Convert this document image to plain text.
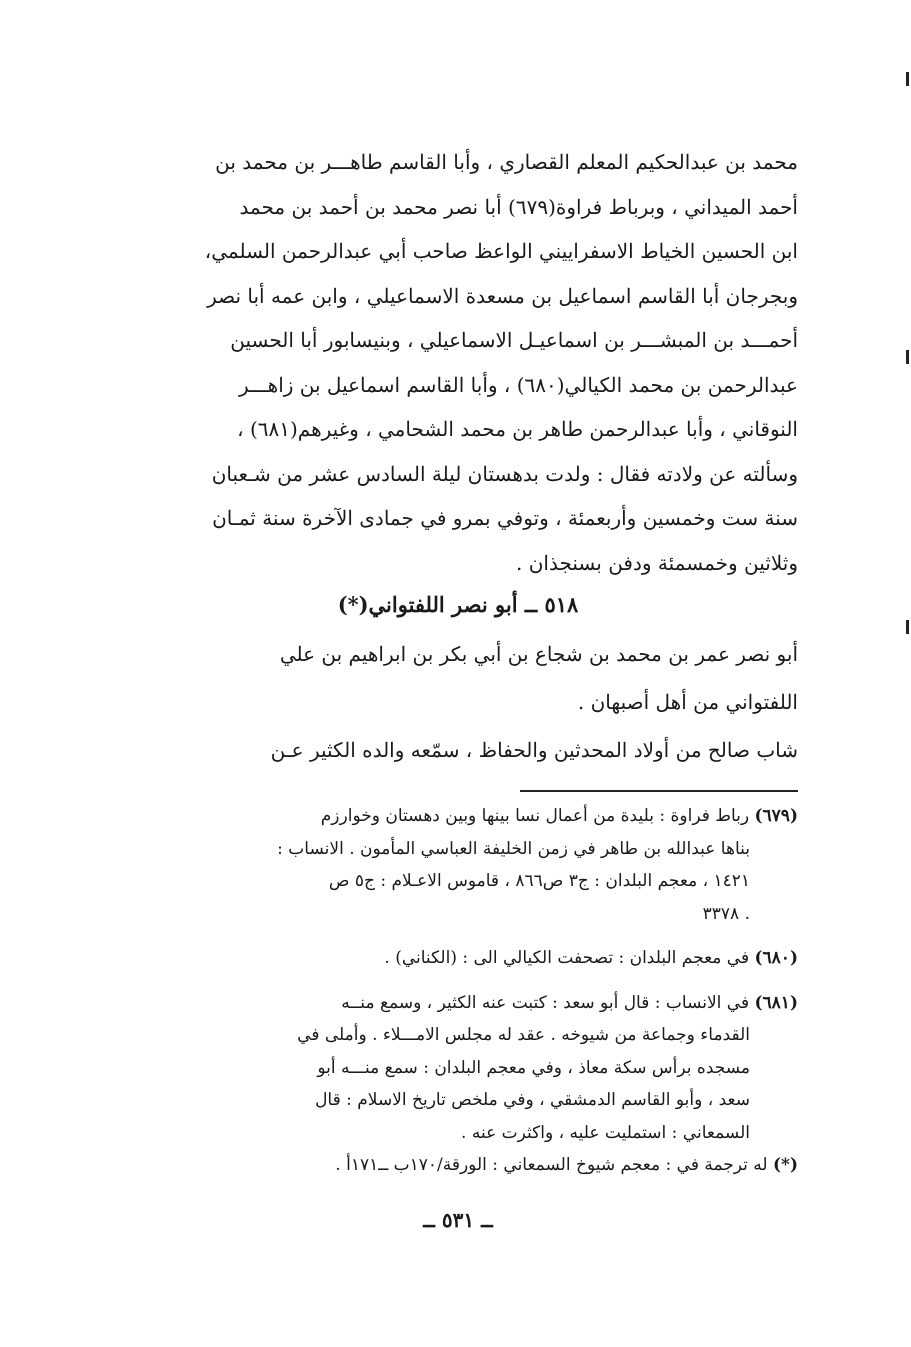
محمد بن عبدالحكيم المعلم القصاري ، وأبا القاسم طاهـــر بن محمد بن
أحمد الميداني ، وبرباط فراوة(٦٧٩) أبا نصر محمد بن أحمد بن محمد
ابن الحسين الخياط الاسفراييني الواعظ صاحب أبي عبدالرحمن السلمي،
وبجرجان أبا القاسم اسماعيل بن مسعدة الاسماعيلي ، وابن عمه أبا نصر
أحمـــد بن المبشـــر بن اسماعيـل الاسماعيلي ، وبنيسابور أبا الحسين
عبدالرحمن بن محمد الكيالي(٦٨٠) ، وأبا القاسم اسماعيل بن زاهـــر
النوقاني ، وأبا عبدالرحمن طاهر بن محمد الشحامي ، وغيرهم(٦٨١) ،
وسألته عن ولادته فقال : ولدت بدهستان ليلة السادس عشر من شـعبان
سنة ست وخمسين وأربعمئة ، وتوفي بمرو في جمادى الآخرة سنة ثمـان
وثلاثين وخمسمئة ودفن بسنجذان .
٥١٨ ــ أبو نصر اللفتواني(*)
أبو نصر عمر بن محمد بن شجاع بن أبي بكر بن ابراهيم بن علي
اللفتواني من أهل أصبهان .
شاب صالح من أولاد المحدثين والحفاظ ، سمّعه والده الكثير عـن
(٦٧٩) رباط فراوة : بليدة من أعمال نسا بينها وبين دهستان وخوارزم
بناها عبدالله بن طاهر في زمن الخليفة العباسي المأمون . الانساب :
١٤٢١ ، معجم البلدان : ج٣ ص٨٦٦ ، قاموس الاعـلام : ج٥ ص
. ٣٣٧٨
(٦٨٠) في معجم البلدان : تصحفت الكيالي الى : (الكناني) .
(٦٨١) في الانساب : قال أبو سعد : كتبت عنه الكثير ، وسمع منــه
القدماء وجماعة من شيوخه . عقد له مجلس الامـــلاء . وأملى في
مسجده برأس سكة معاذ ، وفي معجم البلدان : سمع منـــه أبو
سعد ، وأبو القاسم الدمشقي ، وفي ملخص تاريخ الاسلام : قال
السمعاني : استمليت عليه ، واكثرت عنه .
(*) له ترجمة في : معجم شيوخ السمعاني : الورقة/١٧٠ب ــ١٧١أ .
ــ ٥٣١ ــ
